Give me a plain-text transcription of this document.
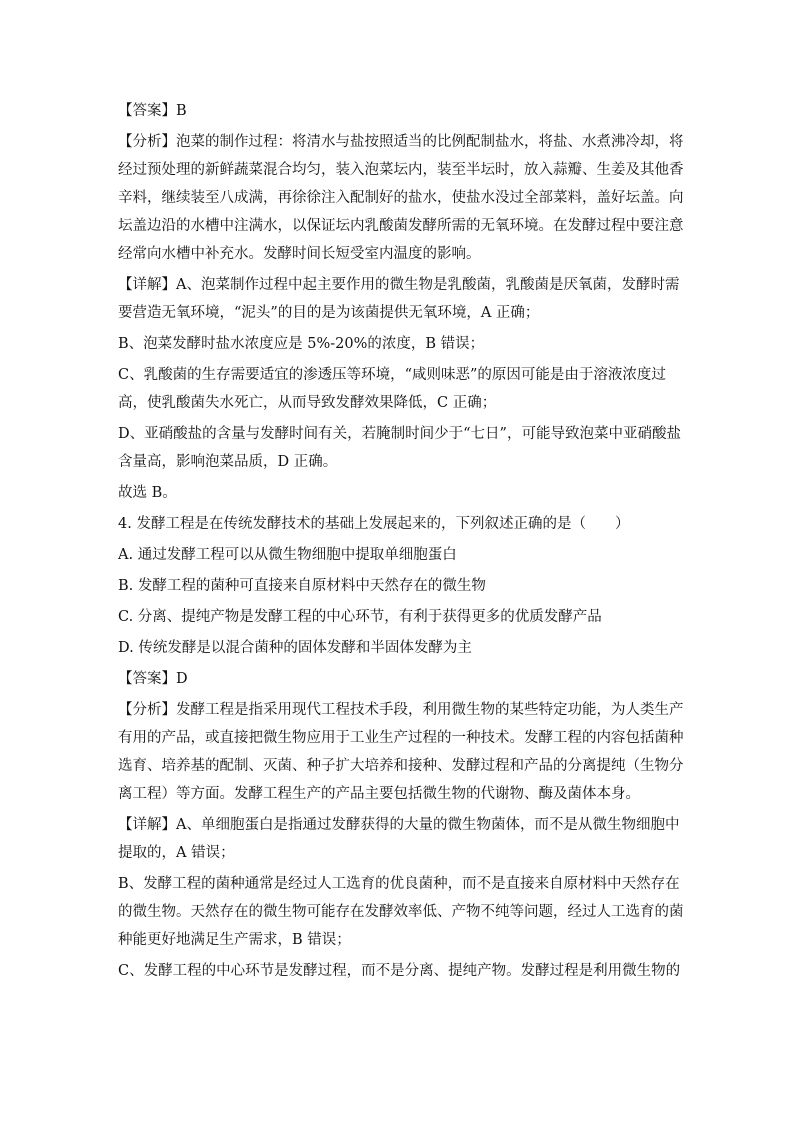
【答案】B

【分析】泡菜的制作过程：将清水与盐按照适当的比例配制盐水，将盐、水煮沸冷却，将

经过预处理的新鲜蔬菜混合均匀，装入泡菜坛内，装至半坛时，放入蒜瓣、生姜及其他香

辛料，继续装至八成满，再徐徐注入配制好的盐水，使盐水没过全部菜料，盖好坛盖。向

坛盖边沿的水槽中注满水，以保证坛内乳酸菌发酵所需的无氧环境。在发酵过程中要注意

经常向水槽中补充水。发酵时间长短受室内温度的影响。

【详解】A、泡菜制作过程中起主要作用的微生物是乳酸菌，乳酸菌是厌氧菌，发酵时需

要营造无氧环境，“泥头”的目的是为该菌提供无氧环境，A 正确；

B、泡菜发酵时盐水浓度应是 5%-20%的浓度，B 错误；

C、乳酸菌的生存需要适宜的渗透压等环境，“咸则味恶”的原因可能是由于溶液浓度过

高，使乳酸菌失水死亡，从而导致发酵效果降低，C 正确；

D、亚硝酸盐的含量与发酵时间有关，若腌制时间少于“七日”，可能导致泡菜中亚硝酸盐

含量高，影响泡菜品质，D 正确。

故选 B。

4. 发酵工程是在传统发酵技术的基础上发展起来的，下列叙述正确的是（　　）

A. 通过发酵工程可以从微生物细胞中提取单细胞蛋白

B. 发酵工程的菌种可直接来自原材料中天然存在的微生物

C. 分离、提纯产物是发酵工程的中心环节，有利于获得更多的优质发酵产品

D. 传统发酵是以混合菌种的固体发酵和半固体发酵为主

【答案】D

【分析】发酵工程是指采用现代工程技术手段，利用微生物的某些特定功能，为人类生产

有用的产品，或直接把微生物应用于工业生产过程的一种技术。发酵工程的内容包括菌种

选育、培养基的配制、灭菌、种子扩大培养和接种、发酵过程和产品的分离提纯（生物分

离工程）等方面。发酵工程生产的产品主要包括微生物的代谢物、酶及菌体本身。

【详解】A、单细胞蛋白是指通过发酵获得的大量的微生物菌体，而不是从微生物细胞中

提取的，A 错误；

B、发酵工程的菌种通常是经过人工选育的优良菌种，而不是直接来自原材料中天然存在

的微生物。天然存在的微生物可能存在发酵效率低、产物不纯等问题，经过人工选育的菌

种能更好地满足生产需求，B 错误；

C、发酵工程的中心环节是发酵过程，而不是分离、提纯产物。发酵过程是利用微生物的
